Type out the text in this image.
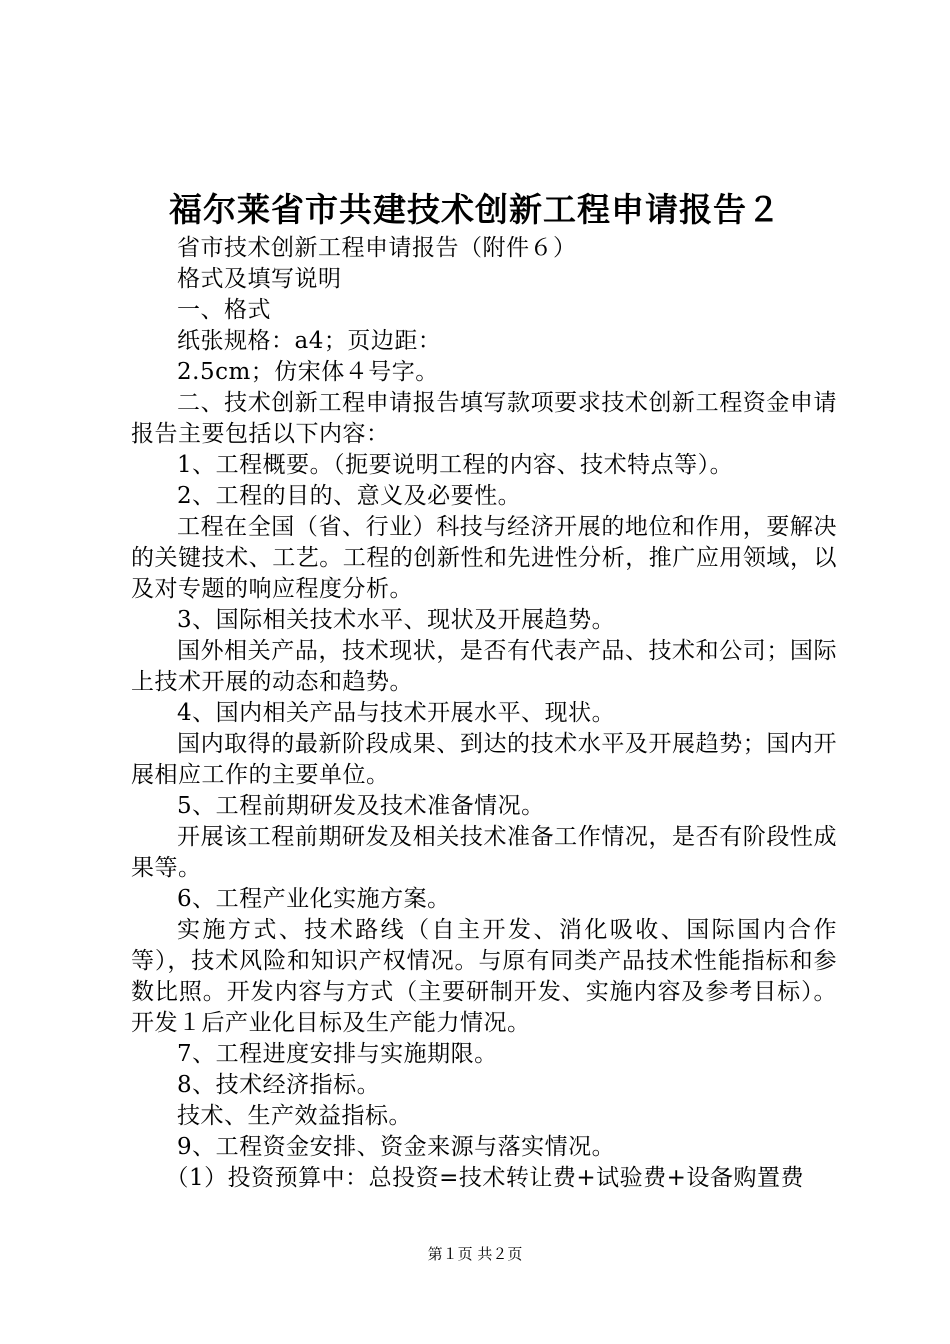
福尔莱省市共建技术创新工程申请报告２

省市技术创新工程申请报告（附件６）

格式及填写说明

一、格式

纸张规格：a4；页边距：

2.5cm；仿宋体４号字。

二、技术创新工程申请报告填写款项要求技术创新工程资金申请报告主要包括以下内容：

1、工程概要。（扼要说明工程的内容、技术特点等）。

2、工程的目的、意义及必要性。

工程在全国（省、行业）科技与经济开展的地位和作用，要解决的关键技术、工艺。工程的创新性和先进性分析，推广应用领域，以及对专题的响应程度分析。

3、国际相关技术水平、现状及开展趋势。

国外相关产品，技术现状，是否有代表产品、技术和公司；国际上技术开展的动态和趋势。

4、国内相关产品与技术开展水平、现状。

国内取得的最新阶段成果、到达的技术水平及开展趋势；国内开展相应工作的主要单位。

5、工程前期研发及技术准备情况。

开展该工程前期研发及相关技术准备工作情况，是否有阶段性成果等。

6、工程产业化实施方案。

实施方式、技术路线（自主开发、消化吸收、国际国内合作等），技术风险和知识产权情况。与原有同类产品技术性能指标和参数比照。开发内容与方式（主要研制开发、实施内容及参考目标）。开发１后产业化目标及生产能力情况。

7、工程进度安排与实施期限。

8、技术经济指标。

技术、生产效益指标。

9、工程资金安排、资金来源与落实情况。

（1）投资预算中：总投资=技术转让费+试验费+设备购置费

第１页 共２页
